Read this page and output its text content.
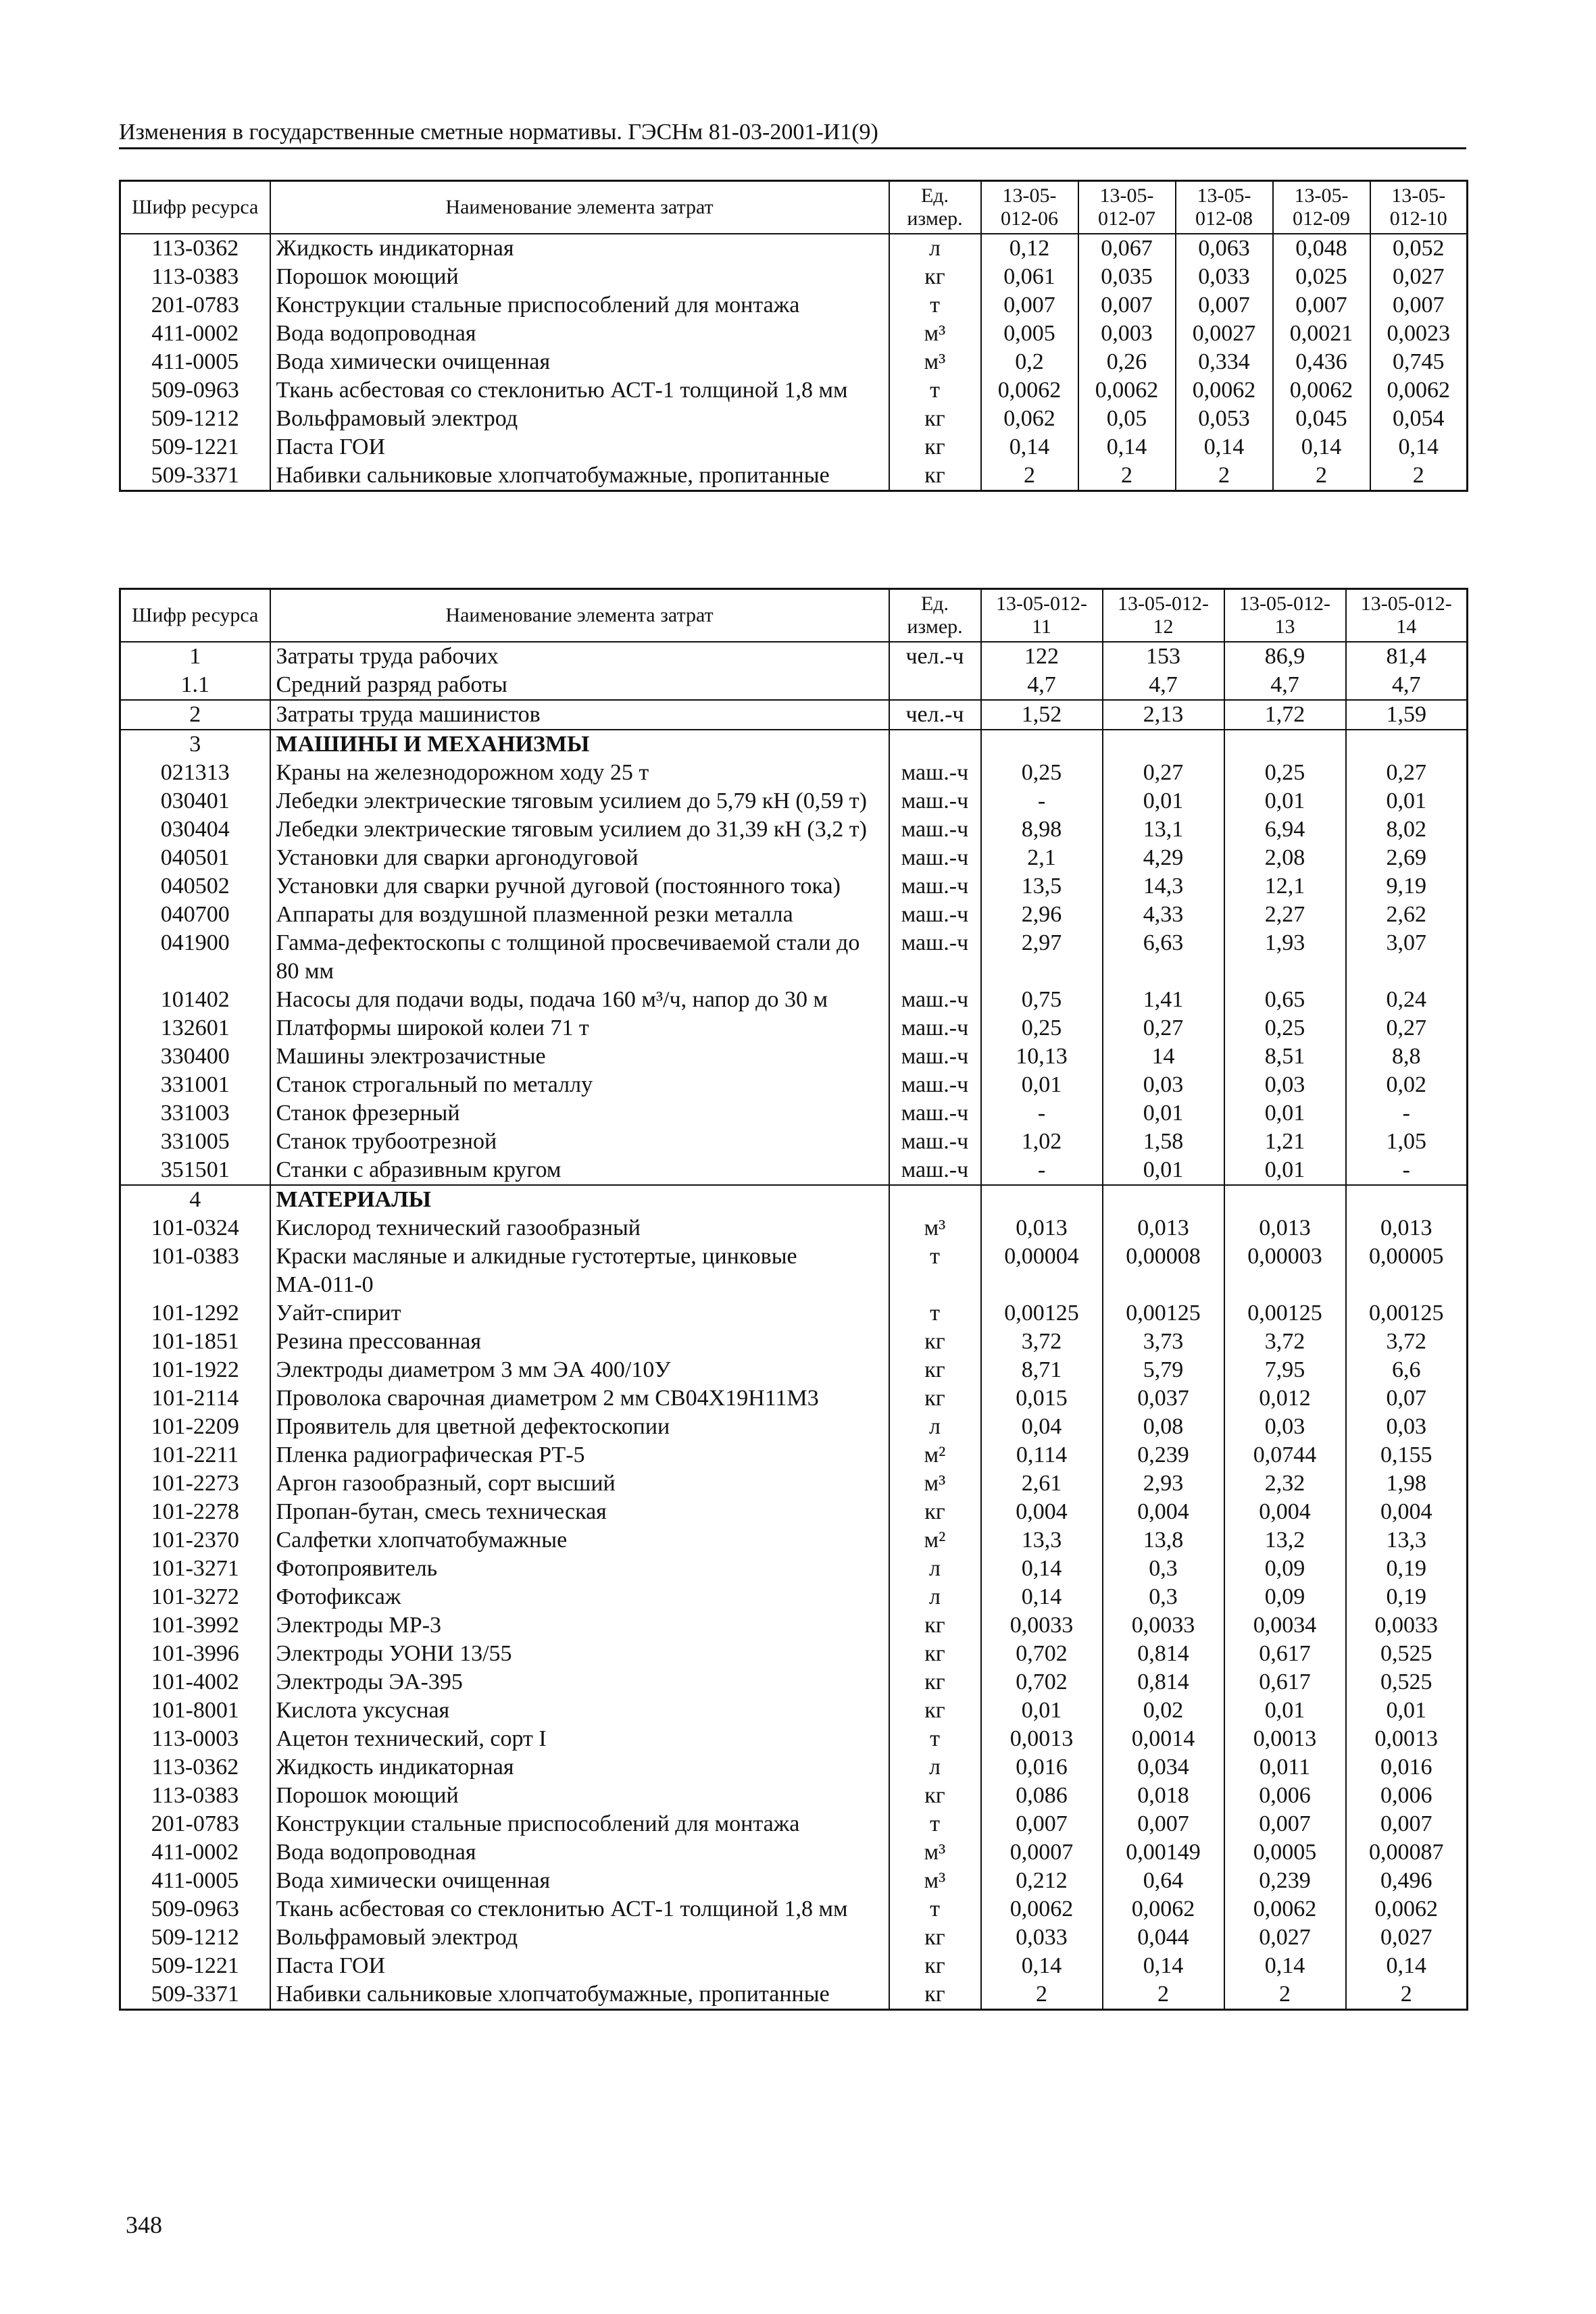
Изменения в государственные сметные нормативы. ГЭСНм 81-03-2001-И1(9)
Шифр ресурса	Наименование элемента затрат	Ед. измер.	13-05-012-06	13-05-012-07	13-05-012-08	13-05-012-09	13-05-012-10
113-0362	Жидкость индикаторная	л	0,12	0,067	0,063	0,048	0,052
113-0383	Порошок моющий	кг	0,061	0,035	0,033	0,025	0,027
201-0783	Конструкции стальные приспособлений для монтажа	т	0,007	0,007	0,007	0,007	0,007
411-0002	Вода водопроводная	м³	0,005	0,003	0,0027	0,0021	0,0023
411-0005	Вода химически очищенная	м³	0,2	0,26	0,334	0,436	0,745
509-0963	Ткань асбестовая со стеклонитью АСТ-1 толщиной 1,8 мм	т	0,0062	0,0062	0,0062	0,0062	0,0062
509-1212	Вольфрамовый электрод	кг	0,062	0,05	0,053	0,045	0,054
509-1221	Паста ГОИ	кг	0,14	0,14	0,14	0,14	0,14
509-3371	Набивки сальниковые хлопчатобумажные, пропитанные	кг	2	2	2	2	2
Шифр ресурса	Наименование элемента затрат	Ед. измер.	13-05-012-11	13-05-012-12	13-05-012-13	13-05-012-14
1	Затраты труда рабочих	чел.-ч	122	153	86,9	81,4
1.1	Средний разряд работы		4,7	4,7	4,7	4,7
2	Затраты труда машинистов	чел.-ч	1,52	2,13	1,72	1,59
3	МАШИНЫ И МЕХАНИЗМЫ					
021313	Краны на железнодорожном ходу 25 т	маш.-ч	0,25	0,27	0,25	0,27
030401	Лебедки электрические тяговым усилием до 5,79 кН (0,59 т)	маш.-ч	-	0,01	0,01	0,01
030404	Лебедки электрические тяговым усилием до 31,39 кН (3,2 т)	маш.-ч	8,98	13,1	6,94	8,02
040501	Установки для сварки аргонодуговой	маш.-ч	2,1	4,29	2,08	2,69
040502	Установки для сварки ручной дуговой (постоянного тока)	маш.-ч	13,5	14,3	12,1	9,19
040700	Аппараты для воздушной плазменной резки металла	маш.-ч	2,96	4,33	2,27	2,62
041900	Гамма-дефектоскопы с толщиной просвечиваемой стали до 80 мм	маш.-ч	2,97	6,63	1,93	3,07
101402	Насосы для подачи воды, подача 160 м³/ч, напор до 30 м	маш.-ч	0,75	1,41	0,65	0,24
132601	Платформы широкой колеи 71 т	маш.-ч	0,25	0,27	0,25	0,27
330400	Машины электрозачистные	маш.-ч	10,13	14	8,51	8,8
331001	Станок строгальный по металлу	маш.-ч	0,01	0,03	0,03	0,02
331003	Станок фрезерный	маш.-ч	-	0,01	0,01	-
331005	Станок трубоотрезной	маш.-ч	1,02	1,58	1,21	1,05
351501	Станки с абразивным кругом	маш.-ч	-	0,01	0,01	-
4	МАТЕРИАЛЫ					
101-0324	Кислород технический газообразный	м³	0,013	0,013	0,013	0,013
101-0383	Краски масляные и алкидные густотертые, цинковые МА-011-0	т	0,00004	0,00008	0,00003	0,00005
101-1292	Уайт-спирит	т	0,00125	0,00125	0,00125	0,00125
101-1851	Резина прессованная	кг	3,72	3,73	3,72	3,72
101-1922	Электроды диаметром 3 мм ЭА 400/10У	кг	8,71	5,79	7,95	6,6
101-2114	Проволока сварочная диаметром 2 мм СВ04Х19Н11М3	кг	0,015	0,037	0,012	0,07
101-2209	Проявитель для цветной дефектоскопии	л	0,04	0,08	0,03	0,03
101-2211	Пленка радиографическая РТ-5	м²	0,114	0,239	0,0744	0,155
101-2273	Аргон газообразный, сорт высший	м³	2,61	2,93	2,32	1,98
101-2278	Пропан-бутан, смесь техническая	кг	0,004	0,004	0,004	0,004
101-2370	Салфетки хлопчатобумажные	м²	13,3	13,8	13,2	13,3
101-3271	Фотопроявитель	л	0,14	0,3	0,09	0,19
101-3272	Фотофиксаж	л	0,14	0,3	0,09	0,19
101-3992	Электроды МР-3	кг	0,0033	0,0033	0,0034	0,0033
101-3996	Электроды УОНИ 13/55	кг	0,702	0,814	0,617	0,525
101-4002	Электроды ЭА-395	кг	0,702	0,814	0,617	0,525
101-8001	Кислота уксусная	кг	0,01	0,02	0,01	0,01
113-0003	Ацетон технический, сорт I	т	0,0013	0,0014	0,0013	0,0013
113-0362	Жидкость индикаторная	л	0,016	0,034	0,011	0,016
113-0383	Порошок моющий	кг	0,086	0,018	0,006	0,006
201-0783	Конструкции стальные приспособлений для монтажа	т	0,007	0,007	0,007	0,007
411-0002	Вода водопроводная	м³	0,0007	0,00149	0,0005	0,00087
411-0005	Вода химически очищенная	м³	0,212	0,64	0,239	0,496
509-0963	Ткань асбестовая со стеклонитью АСТ-1 толщиной 1,8 мм	т	0,0062	0,0062	0,0062	0,0062
509-1212	Вольфрамовый электрод	кг	0,033	0,044	0,027	0,027
509-1221	Паста ГОИ	кг	0,14	0,14	0,14	0,14
509-3371	Набивки сальниковые хлопчатобумажные, пропитанные	кг	2	2	2	2
348
